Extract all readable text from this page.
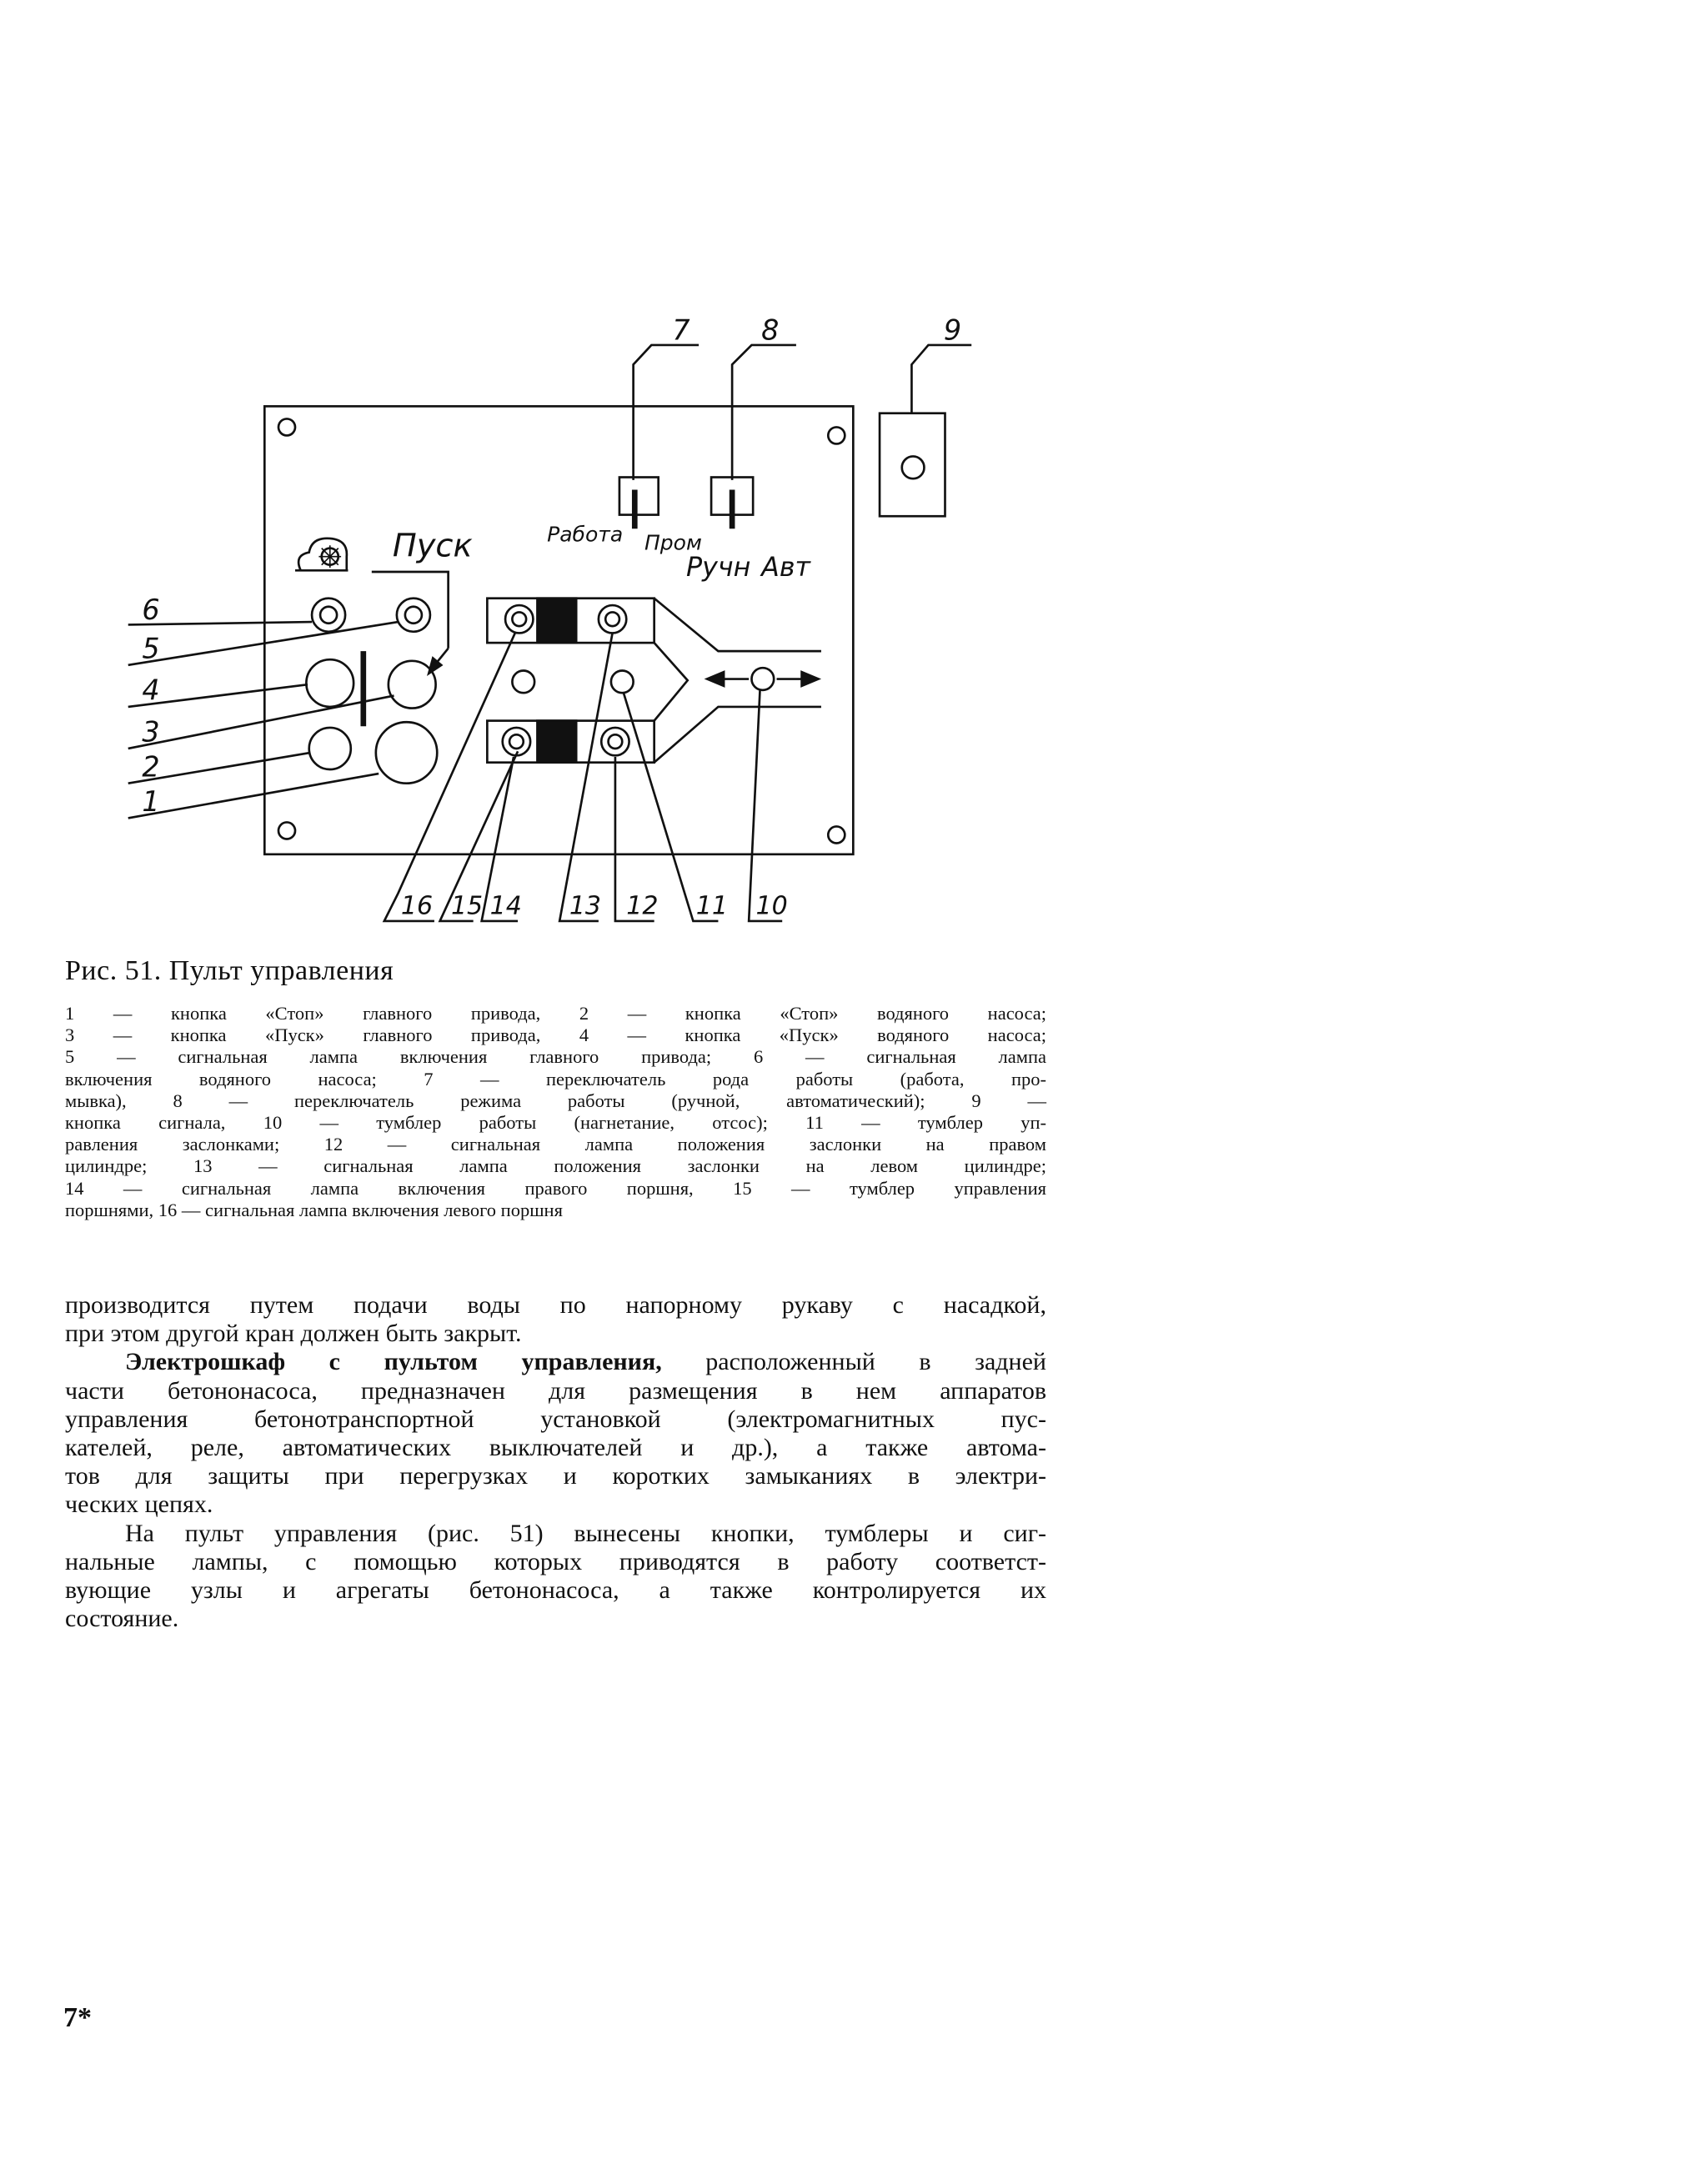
7
Работа Пром
8
Ручн Авт
9
Пуск
6
5
4
3
2
1
16 15 14	13 12	11 10
Рис. 51. Пульт управления
1 — кнопка «Стоп» главного привода, 2 — кнопка «Стоп» водяного насоса;
3 — кнопка «Пуск» главного привода, 4 — кнопка «Пуск» водяного насоса;
5 — сигнальная лампа включения главного привода; 6 — сигнальная лампа
включения водяного насоса; 7 — переключатель рода работы (работа, про-
мывка), 8 — переключатель режима работы (ручной, автоматический); 9 —
кнопка сигнала, 10 — тумблер работы (нагнетание, отсос); 11 — тумблер уп-
равления заслонками; 12 — сигнальная лампа положения заслонки на правом
цилиндре; 13 — сигнальная лампа положения заслонки на левом цилиндре;
14 — сигнальная лампа включения правого поршня, 15 — тумблер управления
поршнями, 16 — сигнальная лампа включения левого поршня
производится путем подачи воды по напорному рукаву с насадкой,
при этом другой кран должен быть закрыт.
Электрошкаф с пультом управления, расположенный в задней
части бетононасоса, предназначен для размещения в нем аппаратов
управления бетонотранспортной установкой (электромагнитных пус-
кателей, реле, автоматических выключателей и др.), а также автома-
тов для защиты при перегрузках и коротких замыканиях в электри-
ческих цепях.
На пульт управления (рис. 51) вынесены кнопки, тумблеры и сиг-
нальные лампы, с помощью которых приводятся в работу соответст-
вующие узлы и агрегаты бетононасоса, а также контролируется их
состояние.
7*
